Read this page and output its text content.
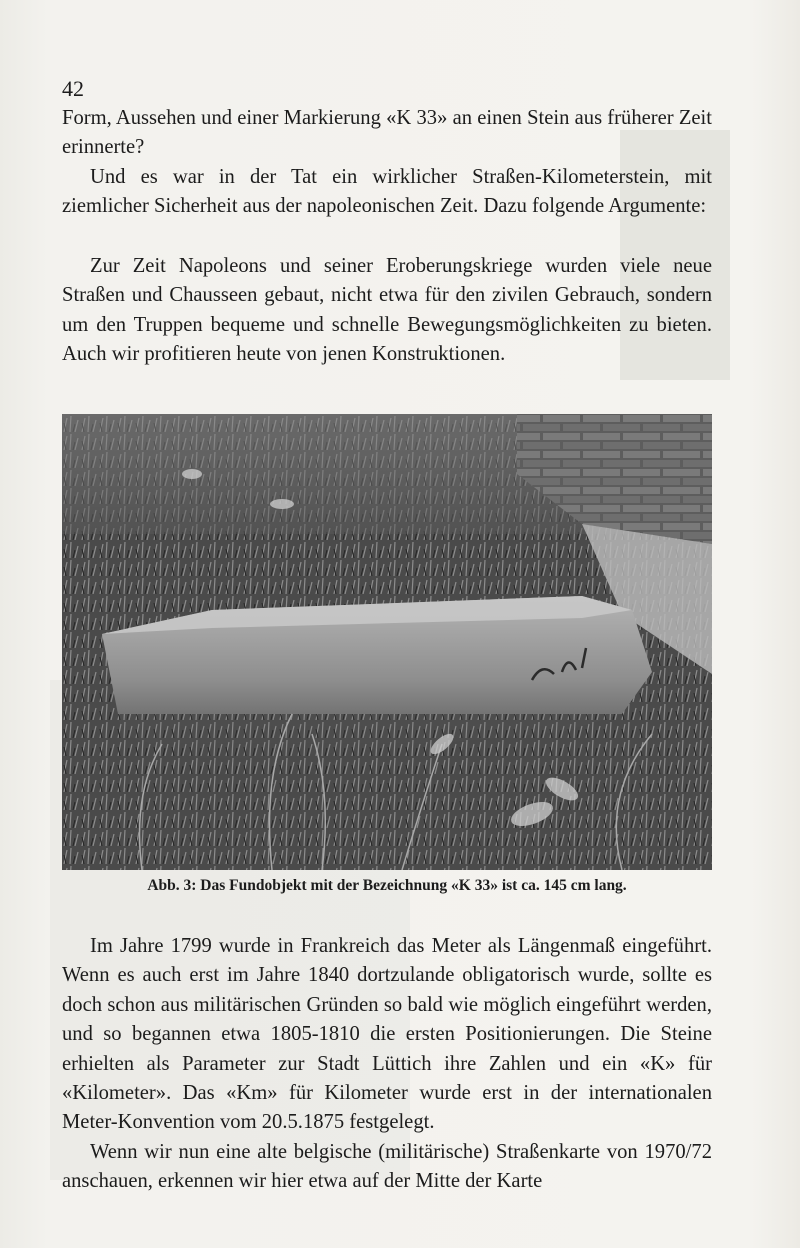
42

Form, Aussehen und einer Markierung «K 33» an einen Stein aus früherer Zeit erinnerte?

Und es war in der Tat ein wirklicher Straßen-Kilometerstein, mit ziemlicher Sicherheit aus der napoleonischen Zeit. Dazu folgende Argumente:

Zur Zeit Napoleons und seiner Eroberungskriege wurden viele neue Straßen und Chausseen gebaut, nicht etwa für den zivilen Gebrauch, sondern um den Truppen bequeme und schnelle Bewegungsmöglichkeiten zu bieten. Auch wir profitieren heute von jenen Konstruktionen.

Abb. 3: Das Fundobjekt mit der Bezeichnung «K 33» ist ca. 145 cm lang.

Im Jahre 1799 wurde in Frankreich das Meter als Längenmaß eingeführt. Wenn es auch erst im Jahre 1840 dortzulande obligatorisch wurde, sollte es doch schon aus militärischen Gründen so bald wie möglich eingeführt werden, und so begannen etwa 1805-1810 die ersten Positionierungen. Die Steine erhielten als Parameter zur Stadt Lüttich ihre Zahlen und ein «K» für «Kilometer». Das «Km» für Kilometer wurde erst in der internationalen Meter-Konvention vom 20.5.1875 festgelegt.

Wenn wir nun eine alte belgische (militärische) Straßenkarte von 1970/72 anschauen, erkennen wir hier etwa auf der Mitte der Karte
